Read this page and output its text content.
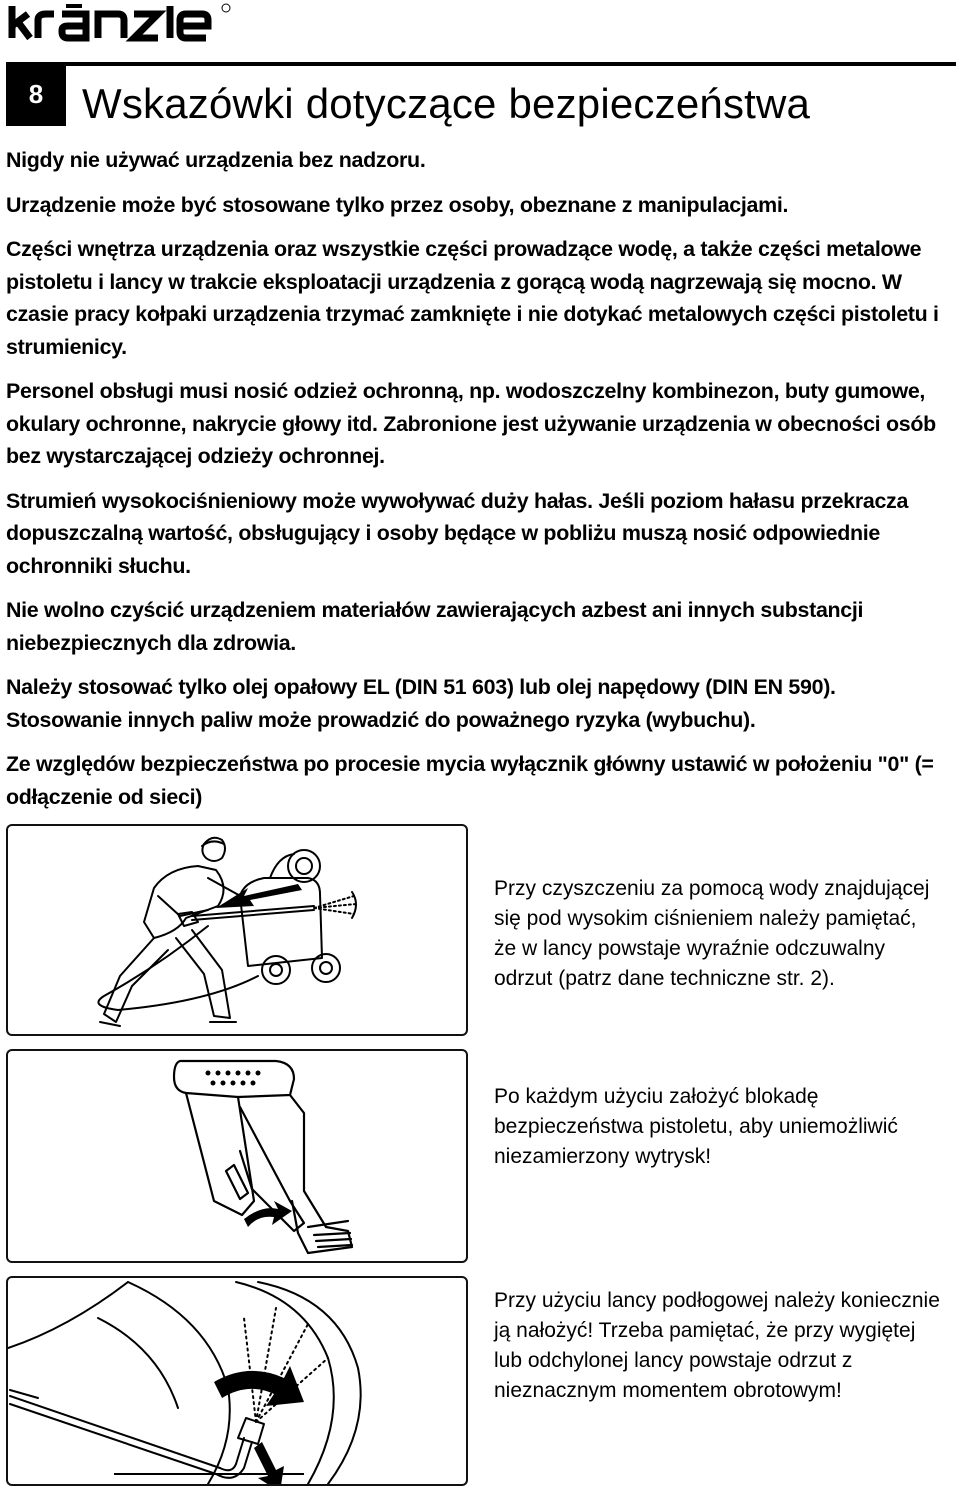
8 Wskazówki dotyczące bezpieczeństwa

Nigdy nie używać urządzenia bez nadzoru.

Urządzenie może być stosowane tylko przez osoby, obeznane z manipulacjami.

Części wnętrza urządzenia oraz wszystkie części prowadzące wodę, a także części metalowe pistoletu i lancy w trakcie eksploatacji urządzenia z gorącą wodą nagrzewają się mocno. W czasie pracy kołpaki urządzenia trzymać zamknięte i nie dotykać metalowych części pistoletu i strumienicy.

Personel obsługi musi nosić odzież ochronną, np. wodoszczelny kombinezon, buty gumowe, okulary ochronne, nakrycie głowy itd. Zabronione jest używanie urządzenia w obecności osób bez wystarczającej odzieży ochronnej.

Strumień wysokociśnieniowy może wywoływać duży hałas. Jeśli poziom hałasu przekracza dopuszczalną wartość, obsługujący i osoby będące w pobliżu muszą nosić odpowiednie ochronniki słuchu.

Nie wolno czyścić urządzeniem materiałów zawierających azbest ani innych substancji niebezpiecznych dla zdrowia.

Należy stosować tylko olej opałowy EL (DIN 51 603) lub olej napędowy (DIN EN 590). Stosowanie innych paliw może prowadzić do poważnego ryzyka (wybuchu).

Ze względów bezpieczeństwa po procesie mycia wyłącznik główny ustawić w położeniu "0" (= odłączenie od sieci)

Przy czyszczeniu za pomocą wody znajdującej się pod wysokim ciśnieniem należy pamiętać, że w lancy powstaje wyraźnie odczuwalny odrzut (patrz dane techniczne str. 2).

Po każdym użyciu założyć blokadę bezpieczeństwa pistoletu, aby uniemożliwić niezamierzony wytrysk!

Przy użyciu lancy podłogowej należy koniecznie ją nałożyć! Trzeba pamiętać, że przy wygiętej lub odchylonej lancy powstaje odrzut z nieznacznym momentem obrotowym!
